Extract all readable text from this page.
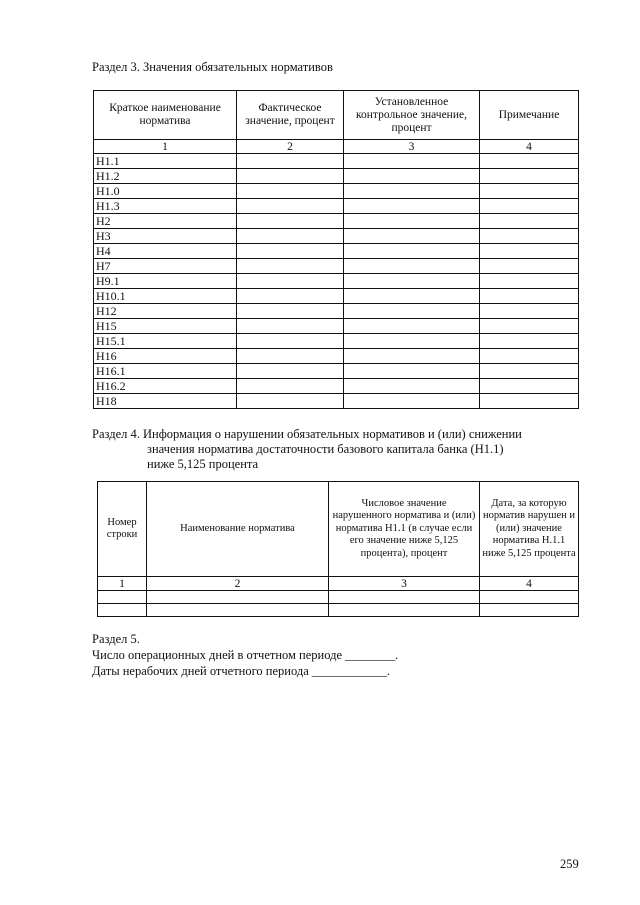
Раздел 3. Значения обязательных нормативов
Краткое наименование норматива	Фактическое значение, процент	Установленное контрольное значение, процент	Примечание
1	2	3	4
Н1.1			
Н1.2			
Н1.0			
Н1.3			
Н2			
Н3			
Н4			
Н7			
Н9.1			
Н10.1			
Н12			
Н15			
Н15.1			
Н16			
Н16.1			
Н16.2			
Н18			
Раздел 4. Информация о нарушении обязательных нормативов и (или) снижении
значения норматива достаточности базового капитала банка (Н1.1)
ниже 5,125 процента
Номер строки	Наименование норматива	Числовое значение нарушенного норматива и (или) норматива Н1.1 (в случае если его значение ниже 5,125 процента), процент	Дата, за которую норматив нарушен и (или) значение норматива Н.1.1 ниже 5,125 процента
1	2	3	4

Раздел 5.
Число операционных дней в отчетном периоде ________.
Даты нерабочих дней отчетного периода ____________.
259
